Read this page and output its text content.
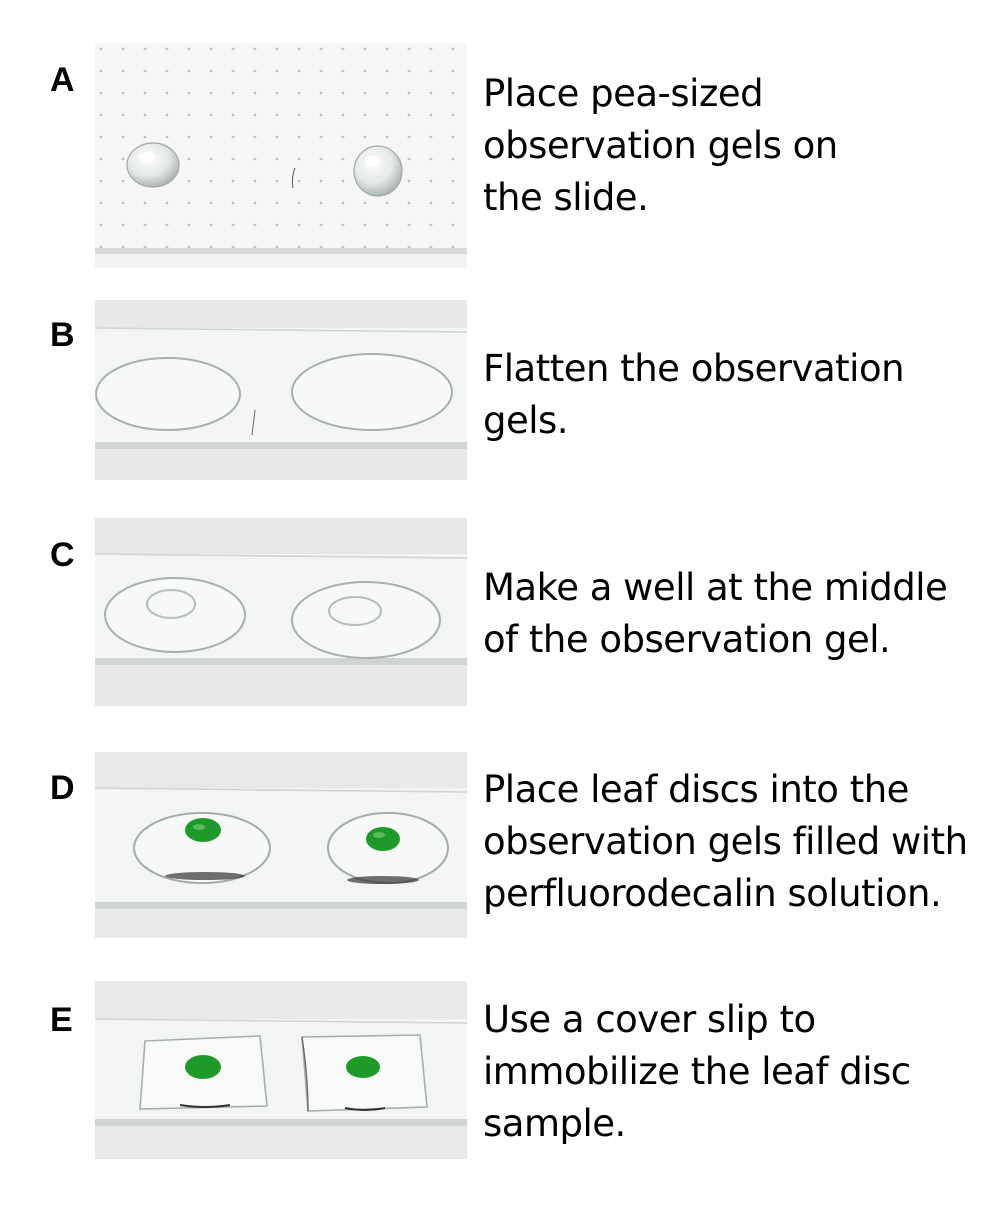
A	Place pea-sized
observation gels on
the slide.
B
Flatten the observation
gels.
C
Make a well at the middle
of the observation gel.
D	Place leaf discs into the
observation gels filled with
perfluorodecalin solution.
E	Use a cover slip to
immobilize the leaf disc
sample.
